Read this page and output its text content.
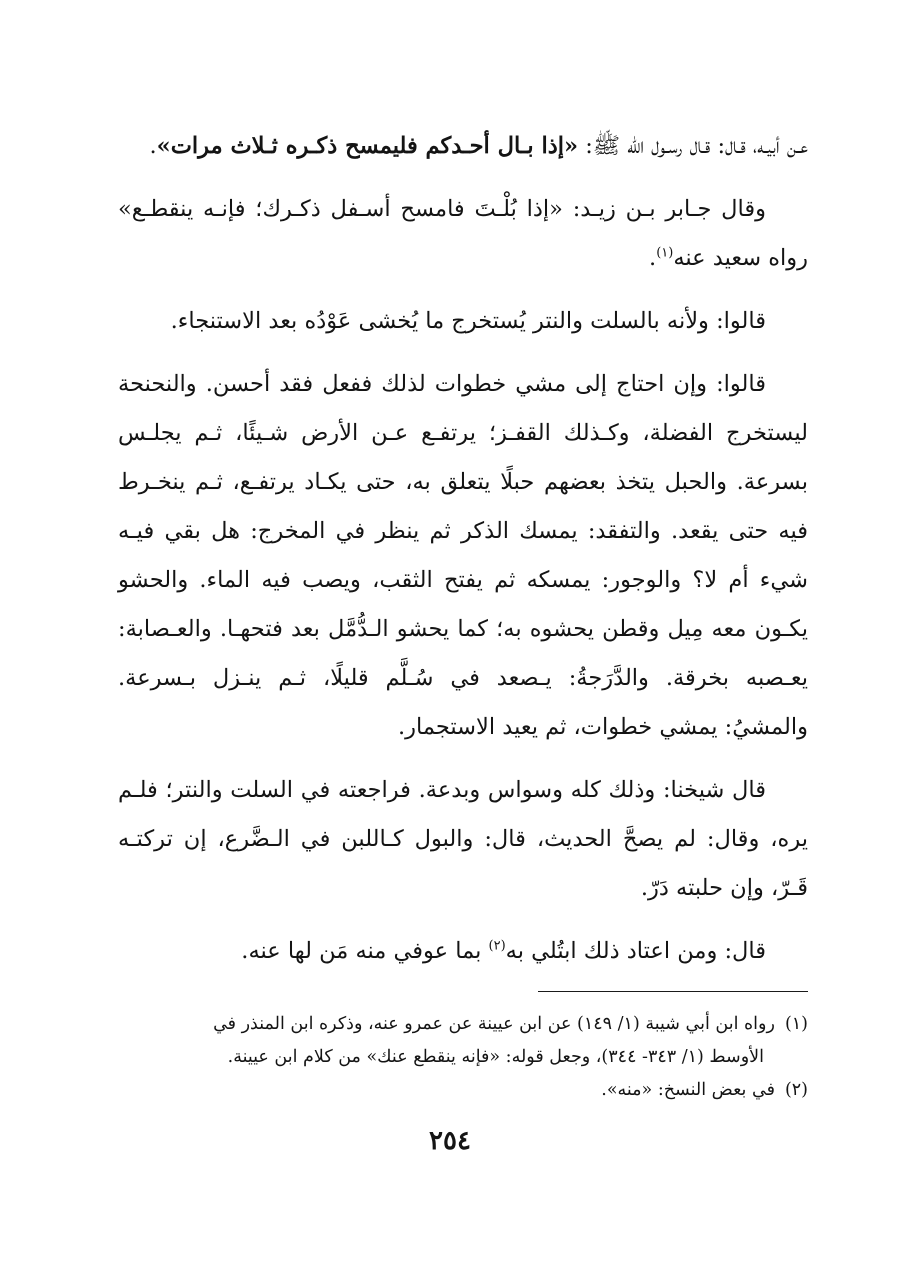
عـن أبيـه، قـال: قـال رسـول الله ﷺ: «إذا بـال أحـدكم فليمسح ذكـره ثـلاث مرات».

وقال جـابر بـن زيـد: «إذا بُلْـتَ فامسح أسـفل ذكـرك؛ فإنـه ينقطـع» رواه سعيد عنه$^{(١)}$.

قالوا: ولأنه بالسلت والنتر يُستخرج ما يُخشى عَوْدُه بعد الاستنجاء.

قالوا: وإن احتاج إلى مشي خطوات لذلك ففعل فقد أحسن. والنحنحة ليستخرج الفضلة، وكـذلك القفـز؛ يرتفـع عـن الأرض شـيئًا، ثـم يجلـس بسرعة. والحبل يتخذ بعضهم حبلًا يتعلق به، حتى يكـاد يرتفـع، ثـم ينخـرط فيه حتى يقعد. والتفقد: يمسك الذكر ثم ينظر في المخرج: هل بقي فيـه شيء أم لا؟ والوجور: يمسكه ثم يفتح الثقب، ويصب فيه الماء. والحشو يكـون معه مِيل وقطن يحشوه به؛ كما يحشو الـدُّمَّل بعد فتحهـا. والعـصابة: يعـصبه بخرقة. والدَّرَجةُ: يـصعد في سُـلَّم قليلًا، ثـم ينـزل بـسرعة. والمشيُ: يمشي خطوات، ثم يعيد الاستجمار.

قال شيخنا: وذلك كله وسواس وبدعة. فراجعته في السلت والنتر؛ فلـم يره، وقال: لم يصحَّ الحديث، قال: والبول كـاللبن في الـضَّرع، إن تركتـه قَـرّ، وإن حلبته دَرّ.

قال: ومن اعتاد ذلك ابتُلي به$^{(٢)}$ بما عوفي منه مَن لها عنه.

(١)رواه ابن أبي شيبة (١/ ١٤٩) عن ابن عيينة عن عمرو عنه، وذكره ابن المنذر في

الأوسط (١/ ٣٤٣- ٣٤٤)، وجعل قوله: «فإنه ينقطع عنك» من كلام ابن عيينة.

(٢)في بعض النسخ: «منه».

٢٥٤
